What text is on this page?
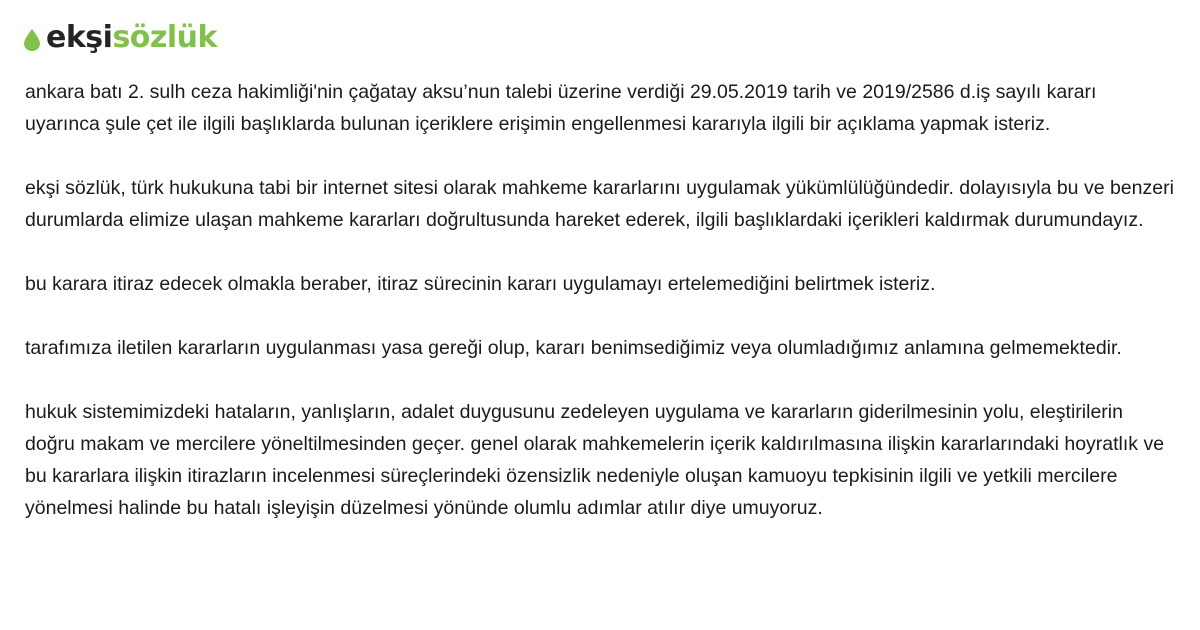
ekşisözlük

ankara batı 2. sulh ceza hakimliği'nin çağatay aksu’nun talebi üzerine verdiği 29.05.2019 tarih ve 2019/2586 d.iş sayılı kararı uyarınca şule çet ile ilgili başlıklarda bulunan içeriklere erişimin engellenmesi kararıyla ilgili bir açıklama yapmak isteriz.

ekşi sözlük, türk hukukuna tabi bir internet sitesi olarak mahkeme kararlarını uygulamak yükümlülüğündedir. dolayısıyla bu ve benzeri durumlarda elimize ulaşan mahkeme kararları doğrultusunda hareket ederek, ilgili başlıklardaki içerikleri kaldırmak durumundayız.

bu karara itiraz edecek olmakla beraber, itiraz sürecinin kararı uygulamayı ertelemediğini belirtmek isteriz.

tarafımıza iletilen kararların uygulanması yasa gereği olup, kararı benimsediğimiz veya olumladığımız anlamına gelmemektedir.

hukuk sistemimizdeki hataların, yanlışların, adalet duygusunu zedeleyen uygulama ve kararların giderilmesinin yolu, eleştirilerin doğru makam ve mercilere yöneltilmesinden geçer. genel olarak mahkemelerin içerik kaldırılmasına ilişkin kararlarındaki hoyratlık ve bu kararlara ilişkin itirazların incelenmesi süreçlerindeki özensizlik nedeniyle oluşan kamuoyu tepkisinin ilgili ve yetkili mercilere yönelmesi halinde bu hatalı işleyişin düzelmesi yönünde olumlu adımlar atılır diye umuyoruz.
